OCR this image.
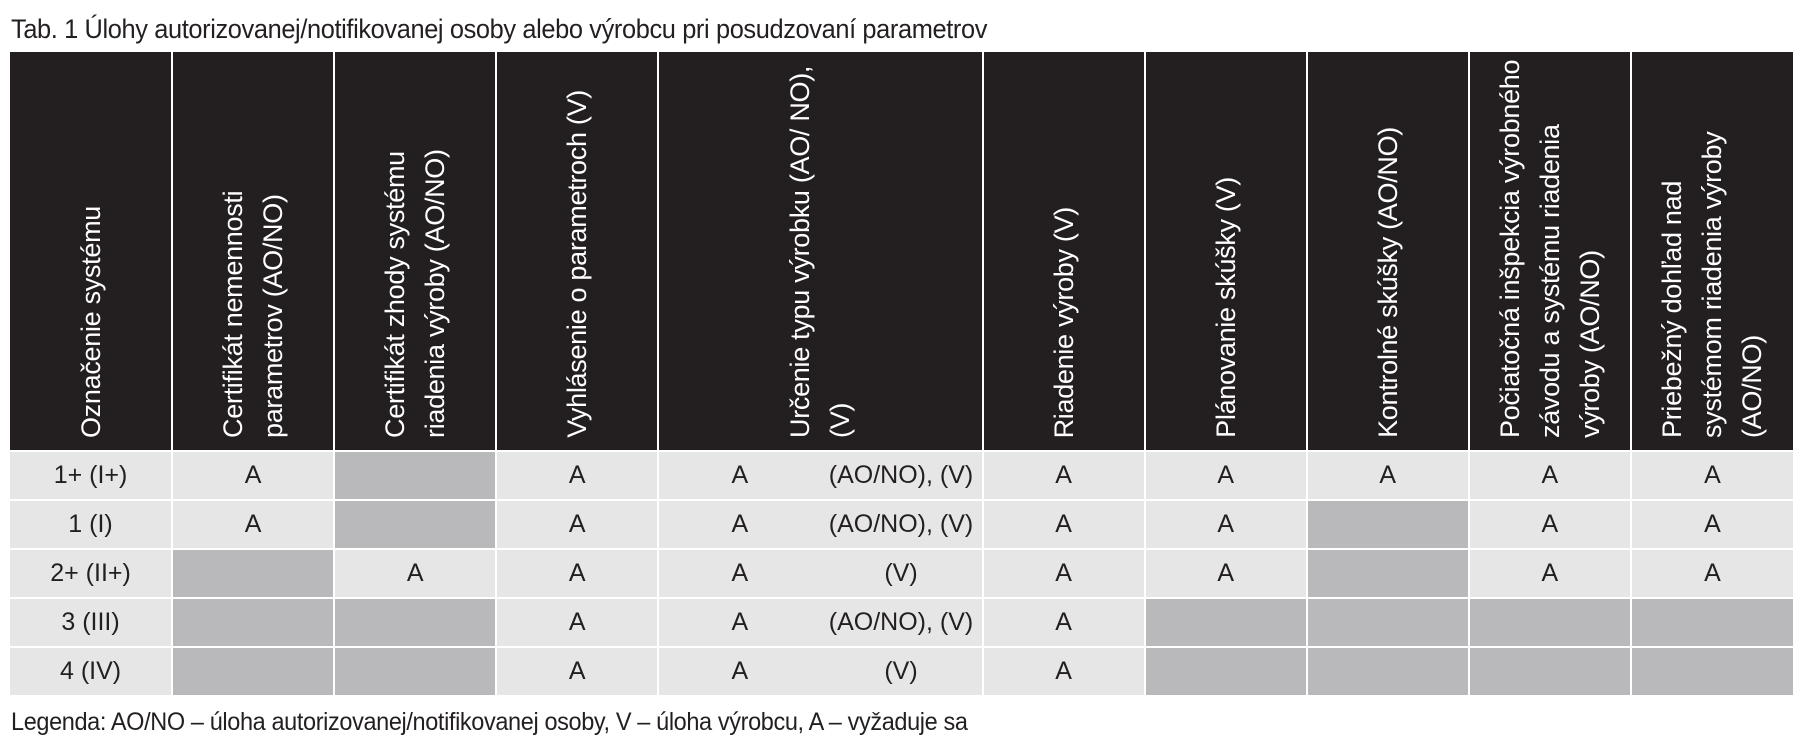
Tab. 1 Úlohy autorizovanej/notifikovanej osoby alebo výrobcu pri posudzovaní parametrov
Označenie systému	Certifikát nemennosti parametrov (AO/NO)	Certifikát zhody systému riadenia výroby (AO/NO)	Vyhlásenie o parametroch (V)	Určenie typu výrobku (AO/ NO), (V)		Riadenie výroby (V)	Plánovanie skúšky (V)	Kontrolné skúšky (AO/NO)	Počiatočná inšpekcia výrobného závodu a systému riadenia výroby (AO/NO)	Priebežný dohľad nad systémom riadenia výroby (AO/NO)

1+ (I+)	A		A	A	(AO/NO), (V)	A	A	A	A	A
1 (I)	A		A	A	(AO/NO), (V)	A	A		A	A
2+ (II+)		A	A	A	(V)	A	A		A	A
3 (III)			A	A	(AO/NO), (V)	A				
4 (IV)			A	A	(V)	A				
Legenda: AO/NO – úloha autorizovanej/notifikovanej osoby, V – úloha výrobcu, A – vyžaduje sa
